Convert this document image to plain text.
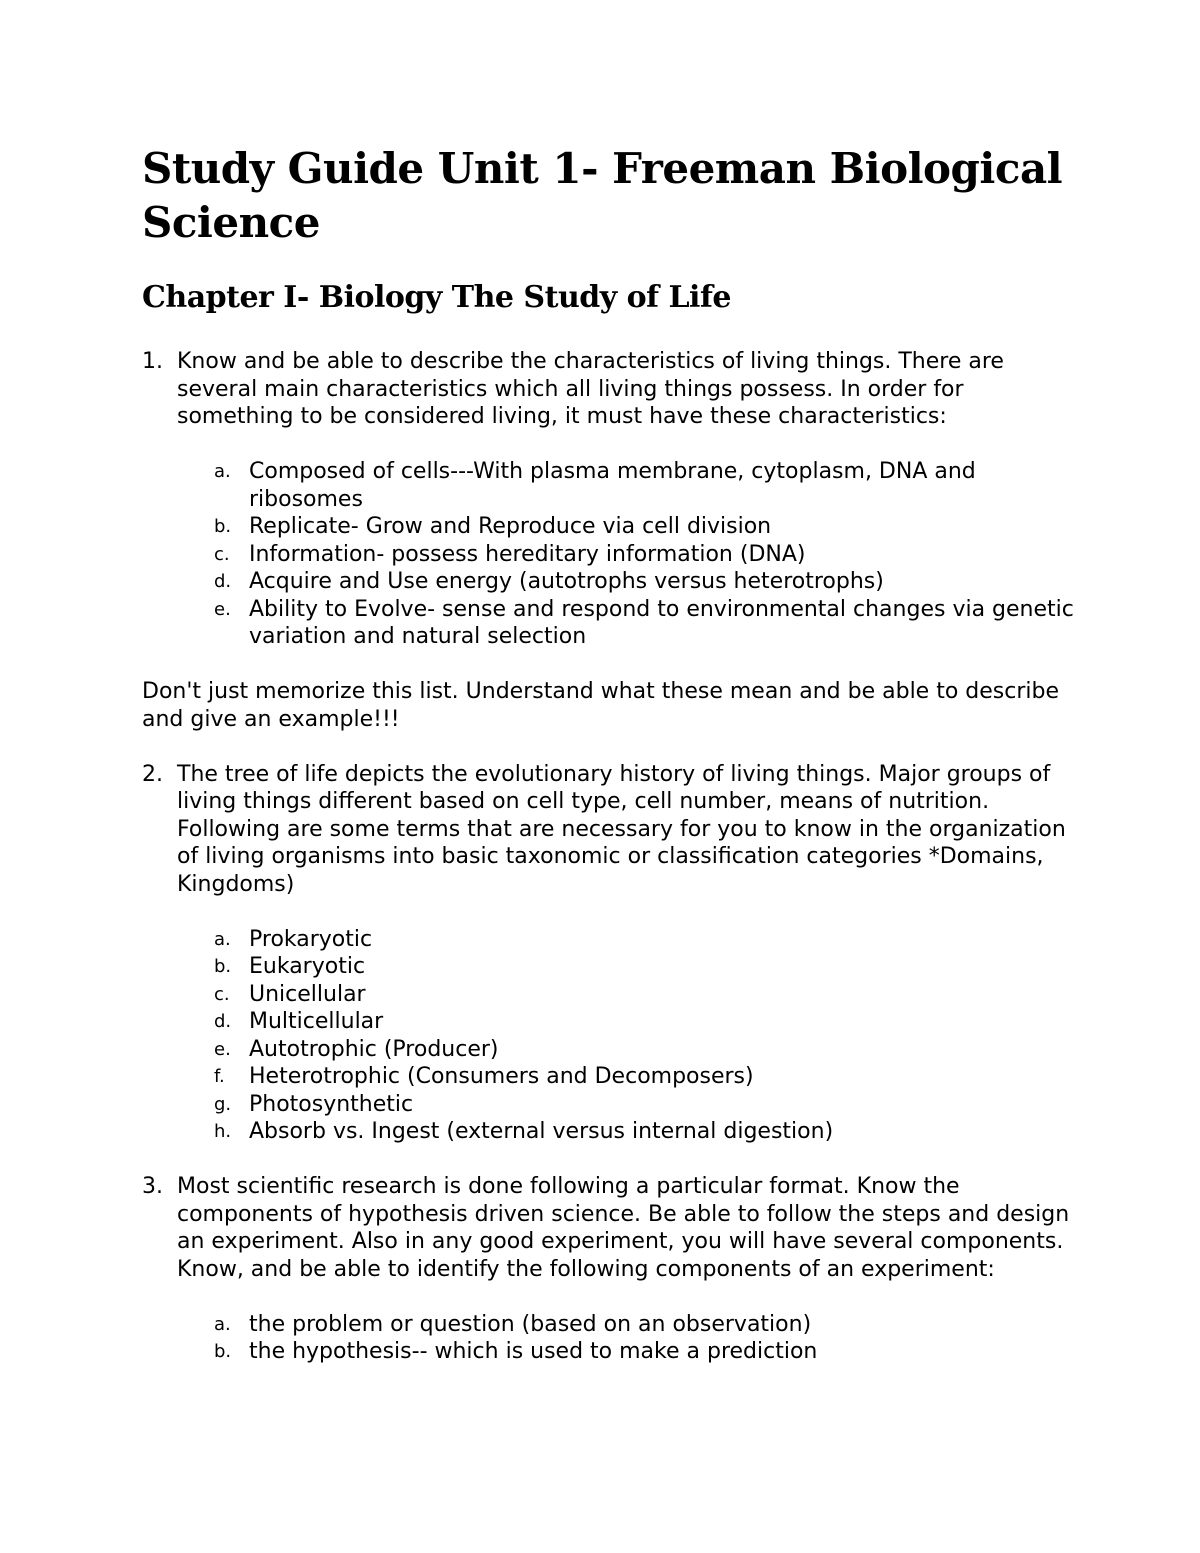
Study Guide Unit 1- Freeman Biological Science
Chapter I- Biology The Study of Life
1. Know and be able to describe the characteristics of living things. There are several main characteristics which all living things possess. In order for something to be considered living, it must have these characteristics:
a. Composed of cells---With plasma membrane, cytoplasm, DNA and ribosomes
b. Replicate- Grow and Reproduce via cell division
c. Information- possess hereditary information (DNA)
d. Acquire and Use energy (autotrophs versus heterotrophs)
e. Ability to Evolve- sense and respond to environmental changes via genetic variation and natural selection

Don't just memorize this list. Understand what these mean and be able to describe and give an example!!!

2. The tree of life depicts the evolutionary history of living things. Major groups of living things different based on cell type, cell number, means of nutrition. Following are some terms that are necessary for you to know in the organization of living organisms into basic taxonomic or classification categories *Domains, Kingdoms)
a. Prokaryotic
b. Eukaryotic
c. Unicellular
d. Multicellular
e. Autotrophic (Producer)
f.	Heterotrophic (Consumers and Decomposers)
g. Photosynthetic
h. Absorb vs. Ingest (external versus internal digestion)
3. Most scientific research is done following a particular format. Know the components of hypothesis driven science. Be able to follow the steps and design an experiment. Also in any good experiment, you will have several components. Know, and be able to identify the following components of an experiment:
a. the problem or question (based on an observation)
b. the hypothesis-- which is used to make a prediction
